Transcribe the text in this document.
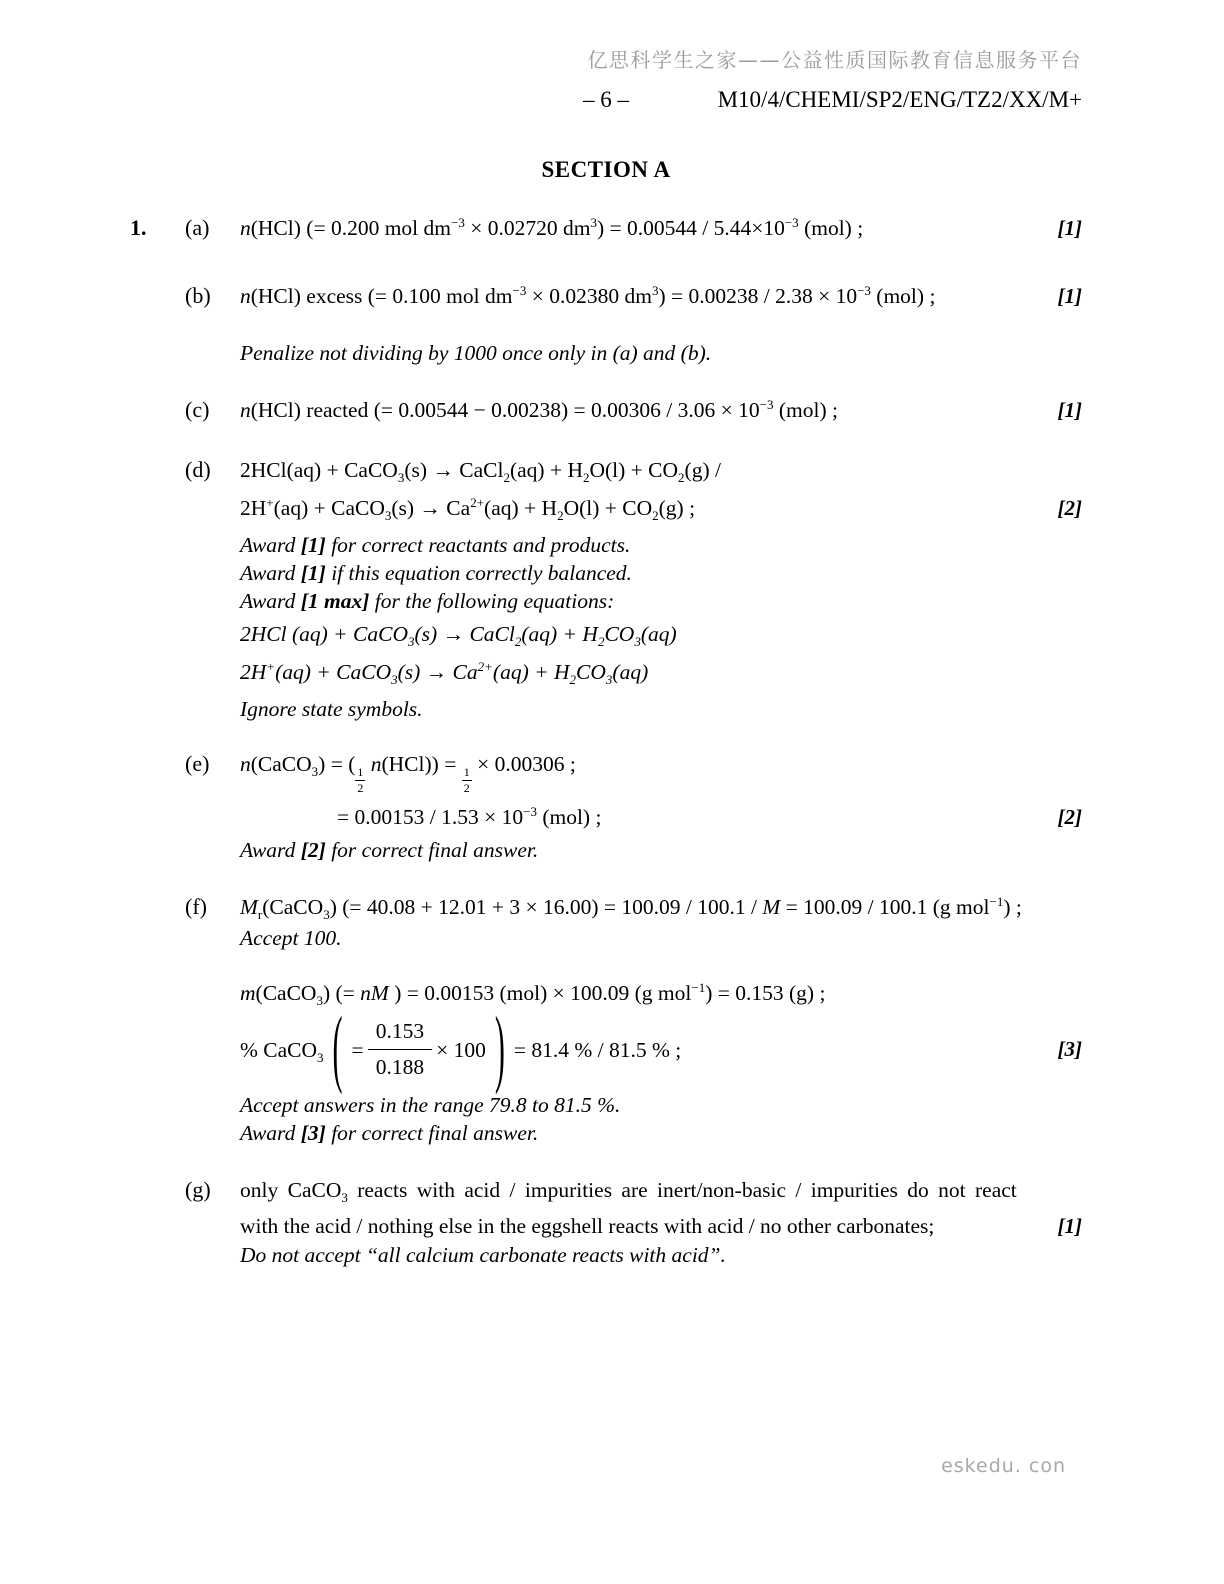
亿思科学生之家——公益性质国际教育信息服务平台
– 6 –	M10/4/CHEMI/SP2/ENG/TZ2/XX/M+
SECTION A
1.	(a)	n(HCl) (= 0.200 mol $dm^{-3} \times 0.02720$ $dm^3) = 0.00544 / 5.44\times 10^{-3}$ (mol) ;	[1]
(b)	n(HCl) excess (= 0.100 mol $dm^{-3} \times 0.02380$ $dm^3) = 0.00238 / 2.38 \times 10^{-3}$ (mol) ;	[1]
Penalize not dividing by 1000 once only in (a) and (b).
(c)	n(HCl) reacted (= $0.00544 - 0.00238) = 0.00306 / 3.06 \times 10^{-3}$ (mol) ;	[1]
(d)	2HCl(aq) + CaCO$_3$(s) → CaCl$_2$(aq) + $H_2O(l) + CO_2(g)$ /
2H+(aq) + CaCO$_3$(s) → $Ca^{2+}(aq) + H_2O(l) + CO_2(g)$ ;	[2]
Award [1] for correct reactants and products.
Award [1] if this equation correctly balanced.
Award [1 max] for the following equations:
2HCl (aq) + CaCO$_3$(s) → CaCl$_2$(aq) + $H_2CO_3(aq)$
2H+(aq) + CaCO$_3$(s) → $Ca^{2+}(aq) + H_2CO_3(aq)$
Ignore state symbols.
(e)	n(CaCO$_3$) = (
$\frac{1}{2}$
n(HCl)) =
$\frac{1}{2}$
× 0.00306 ;
= $0.00153 / 1.53 \times 10^{-3}$ (mol) ;	[2]
Award [2] for correct final answer.
(f)	$M_r(CaCO_3)$ (= 40.08 + 12.01 + 3 × 16.00) = 100.09 / 100.1 / M = 100.09 / 100.1 (g mol$^{-1}$) ;
Accept 100.
m(CaCO$_3$) (= nM ) = 0.00153 (mol) × 100.09 (g mol$^{-1}$) = 0.153 (g) ;
% CaCO$_3$ ( = $\frac{0.153}{0.188} \times 100$ ) = 81.4 % / 81.5 % ;	[3]
Accept answers in the range 79.8 to 81.5 %.
Award [3] for correct final answer.
(g)	only CaCO$_3$ reacts with acid / impurities are inert/non-basic / impurities do not react
with the acid / nothing else in the eggshell reacts with acid / no other carbonates;	[1]
Do not accept “all calcium carbonate reacts with acid”.
eskedu. con
